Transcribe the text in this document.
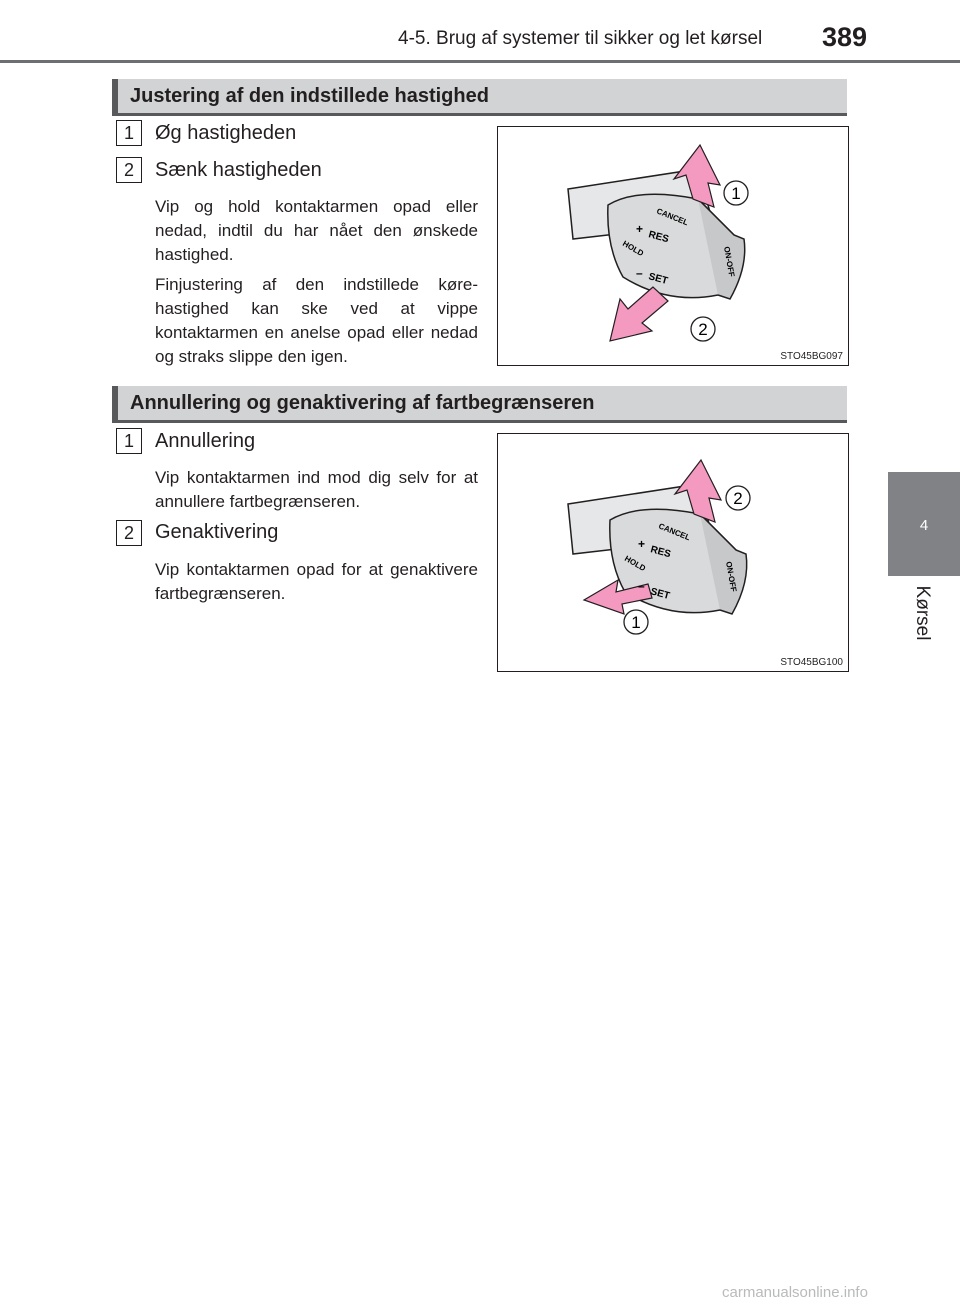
4-5. Brug af systemer til sikker og let kørsel 389
4
Kørsel
Justering af den indstillede hastighed
1	Øg hastigheden
2	Sænk hastigheden
Vip og hold kontaktarmen opad eller nedad, indtil du har nået den ønskede hastighed.
Finjustering af den indstillede køre-hastighed kan ske ved at vippe kontaktarmen en anelse opad eller nedad og straks slippe den igen.
1
2
CANCEL
+
RES
HOLD
– SET
ON-OFF
STO45BG097
Annullering og genaktivering af fartbegrænseren
1	Annullering
Vip kontaktarmen ind mod dig selv for at annullere fartbegrænseren.
2	Genaktivering
Vip kontaktarmen opad for at genaktivere fartbegrænseren.
2
1
CANCEL
+
RES
HOLD
–
SET
ON-OFF
STO45BG100
carmanualsonline.info
